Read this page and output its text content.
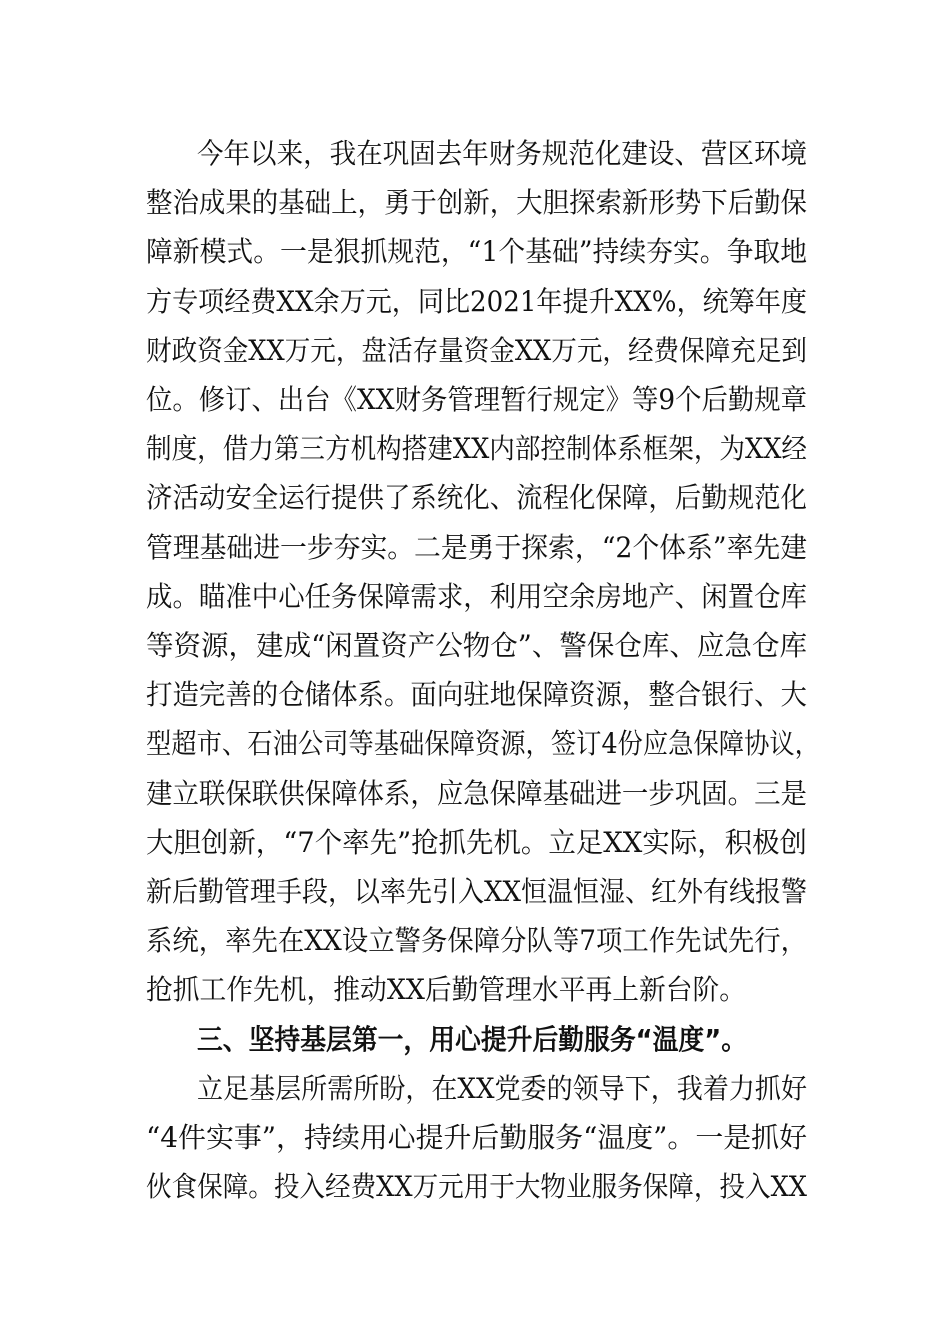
今年以来，我在巩固去年财务规范化建设、营区环境
整治成果的基础上，勇于创新，大胆探索新形势下后勤保
障新模式。一是狠抓规范，“1个基础”持续夯实。争取地
方专项经费XX余万元，同比2021年提升XX%，统筹年度
财政资金XX万元，盘活存量资金XX万元，经费保障充足到
位。修订、出台《XX财务管理暂行规定》等9个后勤规章
制度，借力第三方机构搭建XX内部控制体系框架，为XX经
济活动安全运行提供了系统化、流程化保障，后勤规范化
管理基础进一步夯实。二是勇于探索，“2个体系”率先建
成。瞄准中心任务保障需求，利用空余房地产、闲置仓库
等资源，建成“闲置资产公物仓”、警保仓库、应急仓库
打造完善的仓储体系。面向驻地保障资源，整合银行、大
型超市、石油公司等基础保障资源，签订4份应急保障协议，
建立联保联供保障体系，应急保障基础进一步巩固。三是
大胆创新，“7个率先”抢抓先机。立足XX实际，积极创
新后勤管理手段，以率先引入XX恒温恒湿、红外有线报警
系统，率先在XX设立警务保障分队等7项工作先试先行，
抢抓工作先机，推动XX后勤管理水平再上新台阶。
三、坚持基层第一，用心提升后勤服务“温度”。
立足基层所需所盼，在XX党委的领导下，我着力抓好
“4件实事”，持续用心提升后勤服务“温度”。一是抓好
伙食保障。投入经费XX万元用于大物业服务保障，投入XX
